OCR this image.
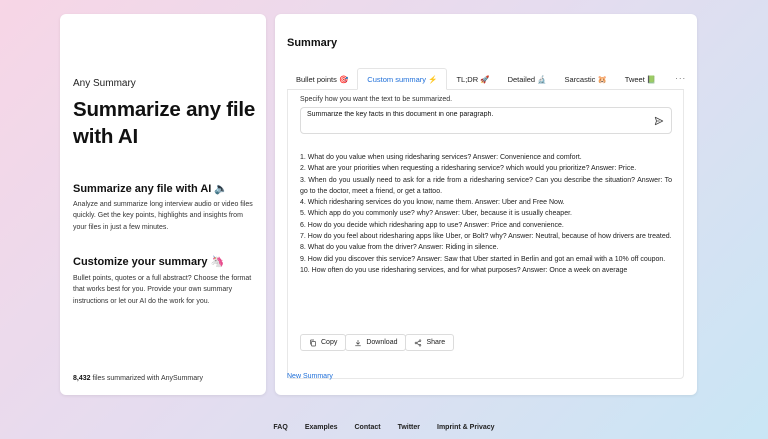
Any Summary
Summarize any file with AI
Summarize any file with AI 🔈
Analyze and summarize long interview audio or video files quickly. Get the key points, highlights and insights from your files in just a few minutes.
Customize your summary 🦄
Bullet points, quotes or a full abstract? Choose the format that works best for you. Provide your own summary instructions or let our AI do the work for you.
8,432 files summarized with AnySummary
Summary
Bullet points 🎯	Custom summary ⚡	TL;DR 🚀	Detailed 🔬	Sarcastic 🐹	Tweet 📗	···
Specify how you want the text to be summarized.
Summarize the key facts in this document in one paragraph.

1. What do you value when using ridesharing services? Answer: Convenience and comfort.

2. What are your priorities when requesting a ridesharing service? which would you prioritize? Answer: Price.

3. When do you usually need to ask for a ride from a ridesharing service? Can you describe the situation? Answer: To go to the doctor, meet a friend, or get a tattoo.

4. Which ridesharing services do you know, name them. Answer: Uber and Free Now.

5. Which app do you commonly use? why? Answer: Uber, because it is usually cheaper.

6. How do you decide which ridesharing app to use? Answer: Price and convenience.

7. How do you feel about ridesharing apps like Uber, or Bolt? why? Answer: Neutral, because of how drivers are treated.

8. What do you value from the driver? Answer: Riding in silence.

9. How did you discover this service? Answer: Saw that Uber started in Berlin and got an email with a 10% off coupon.

10. How often do you use ridesharing services, and for what purposes? Answer: Once a week on average

Copy	Download	Share
New Summary
FAQ Examples Contact Twitter Imprint & Privacy
